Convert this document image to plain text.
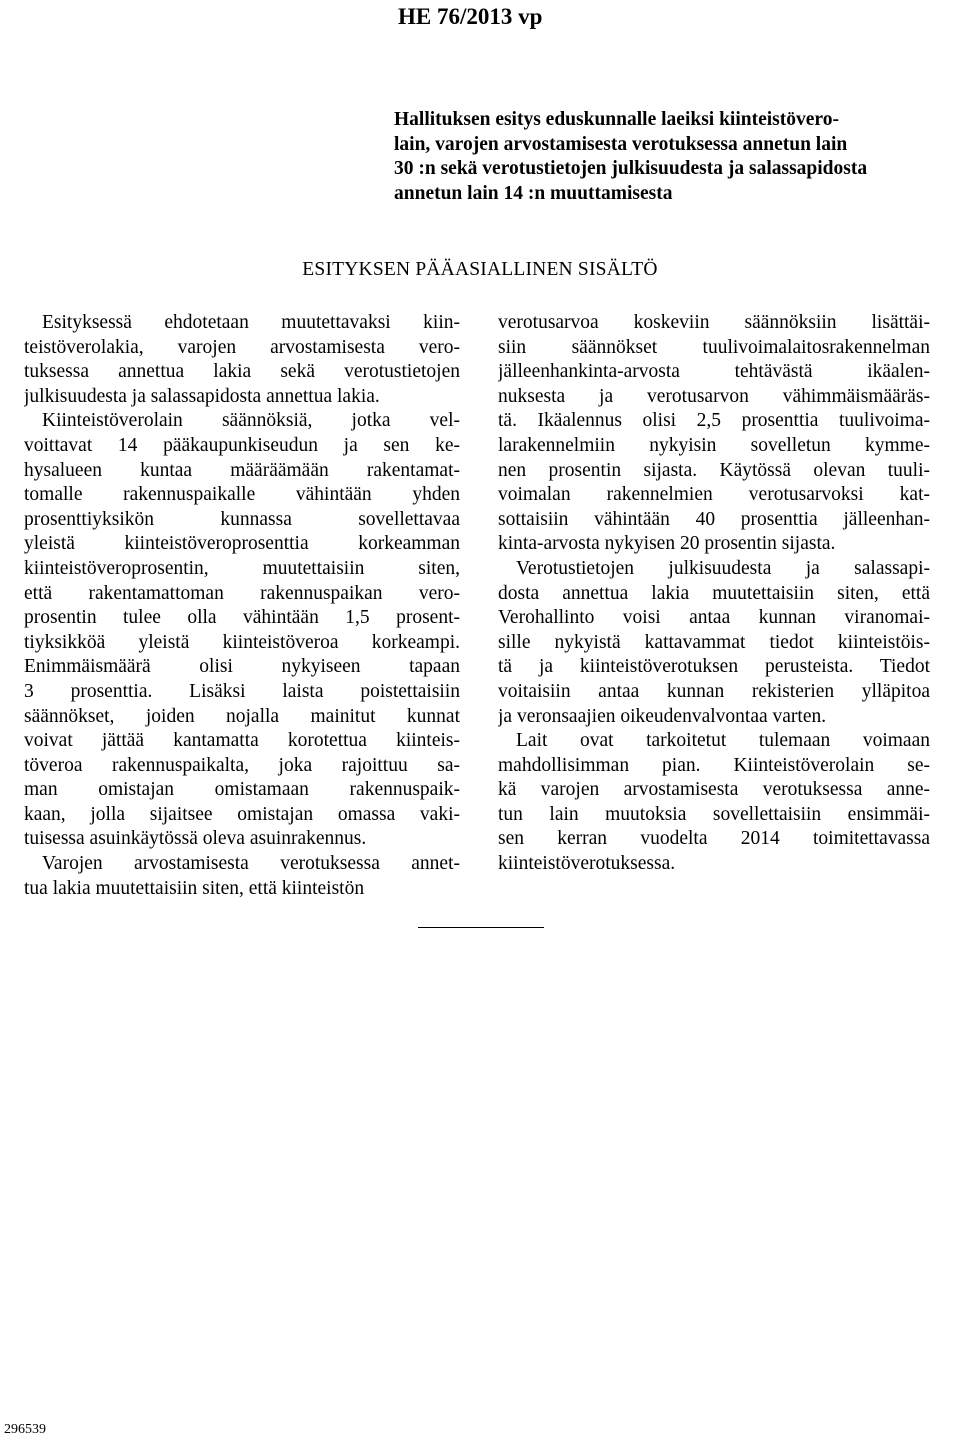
HE 76/2013 vp
Hallituksen esitys eduskunnalle laeiksi kiinteistövero-
lain, varojen arvostamisesta verotuksessa annetun lain
30 :n sekä verotustietojen julkisuudesta ja salassapidosta
annetun lain 14 :n muuttamisesta
ESITYKSEN PÄÄASIALLINEN SISÄLTÖ
Esityksessä ehdotetaan muutettavaksi kiin-
teistöverolakia, varojen arvostamisesta vero-
tuksessa annettua lakia sekä verotustietojen
julkisuudesta ja salassapidosta annettua lakia.
Kiinteistöverolain säännöksiä, jotka vel-
voittavat 14 pääkaupunkiseudun ja sen ke-
hysalueen kuntaa määräämään rakentamat-
tomalle rakennuspaikalle vähintään yhden
prosenttiyksikön kunnassa sovellettavaa
yleistä kiinteistöveroprosenttia korkeamman
kiinteistöveroprosentin, muutettaisiin siten,
että rakentamattoman rakennuspaikan vero-
prosentin tulee olla vähintään 1,5 prosent-
tiyksikköä yleistä kiinteistöveroa korkeampi.
Enimmäismäärä olisi nykyiseen tapaan
3 prosenttia. Lisäksi laista poistettaisiin
säännökset, joiden nojalla mainitut kunnat
voivat jättää kantamatta korotettua kiinteis-
töveroa rakennuspaikalta, joka rajoittuu sa-
man omistajan omistamaan rakennuspaik-
kaan, jolla sijaitsee omistajan omassa vaki-
tuisessa asuinkäytössä oleva asuinrakennus.
Varojen arvostamisesta verotuksessa annet-
tua lakia muutettaisiin siten, että kiinteistön
verotusarvoa koskeviin säännöksiin lisättäi-
siin säännökset tuulivoimalaitosrakennelman
jälleenhankinta-arvosta tehtävästä ikäalen-
nuksesta ja verotusarvon vähimmäismääräs-
tä. Ikäalennus olisi 2,5 prosenttia tuulivoima-
larakennelmiin nykyisin sovelletun kymme-
nen prosentin sijasta. Käytössä olevan tuuli-
voimalan rakennelmien verotusarvoksi kat-
sottaisiin vähintään 40 prosenttia jälleenhan-
kinta-arvosta nykyisen 20 prosentin sijasta.
Verotustietojen julkisuudesta ja salassapi-
dosta annettua lakia muutettaisiin siten, että
Verohallinto voisi antaa kunnan viranomai-
sille nykyistä kattavammat tiedot kiinteistöis-
tä ja kiinteistöverotuksen perusteista. Tiedot
voitaisiin antaa kunnan rekisterien ylläpitoa
ja veronsaajien oikeudenvalvontaa varten.
Lait ovat tarkoitetut tulemaan voimaan
mahdollisimman pian. Kiinteistöverolain se-
kä varojen arvostamisesta verotuksessa anne-
tun lain muutoksia sovellettaisiin ensimmäi-
sen kerran vuodelta 2014 toimitettavassa
kiinteistöverotuksessa.
296539
